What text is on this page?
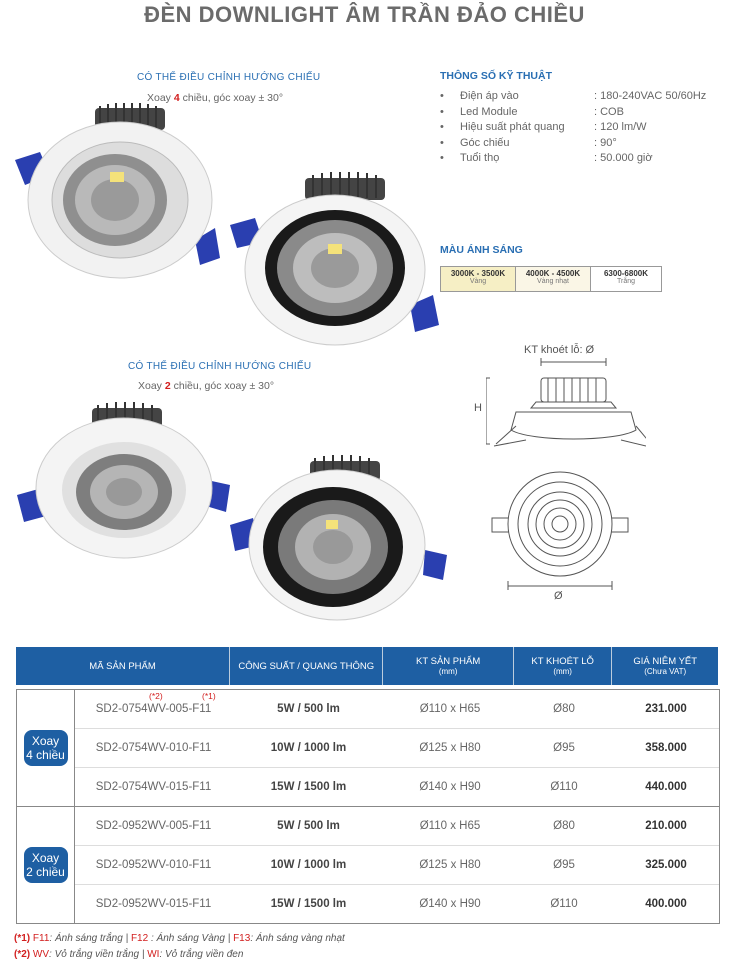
ĐÈN DOWNLIGHT ÂM TRẦN ĐẢO CHIỀU
CÓ THỂ ĐIỀU CHỈNH HƯỚNG CHIẾU
Xoay 4 chiều, góc xoay ± 30°
THÔNG SỐ KỸ THUẬT
• Điện áp vào	: 180-240VAC 50/60Hz
• Led Module	: COB
• Hiệu suất phát quang	: 120 lm/W
• Góc chiếu	: 90°
• Tuổi thọ	: 50.000 giờ
MÀU ÁNH SÁNG
3000K - 3500K
Vàng
4000K - 4500K
Vàng nhạt
6300-6800K
Trắng
CÓ THỂ ĐIỀU CHỈNH HƯỚNG CHIẾU
Xoay 2 chiều, góc xoay ± 30°
KT khoét lỗ: Ø
H
Ø
MÃ SẢN PHẨM	CÔNG SUẤT / QUANG THÔNG	KT SẢN PHẨM
(mm)
KT KHOÉT LỖ
(mm)
GIÁ NIÊM YẾT
(Chưa VAT)
Xoay
4 chiều
(*2)	(*1)
SD2-0754WV-005-F11	5W / 500 lm	Ø110 x H65	Ø80	231.000
SD2-0754WV-010-F11	10W / 1000 lm	Ø125 x H80	Ø95	358.000
SD2-0754WV-015-F11	15W / 1500 lm	Ø140 x H90	Ø110	440.000
Xoay
2 chiều
SD2-0952WV-005-F11	5W / 500 lm	Ø110 x H65	Ø80	210.000
SD2-0952WV-010-F11	10W / 1000 lm	Ø125 x H80	Ø95	325.000
SD2-0952WV-015-F11	15W / 1500 lm	Ø140 x H90	Ø110	400.000
(*1) F11: Ánh sáng trắng | F12 : Ánh sáng Vàng | F13: Ánh sáng vàng nhạt
(*2) WV: Vỏ trắng viền trắng | WI: Vỏ trắng viền đen
